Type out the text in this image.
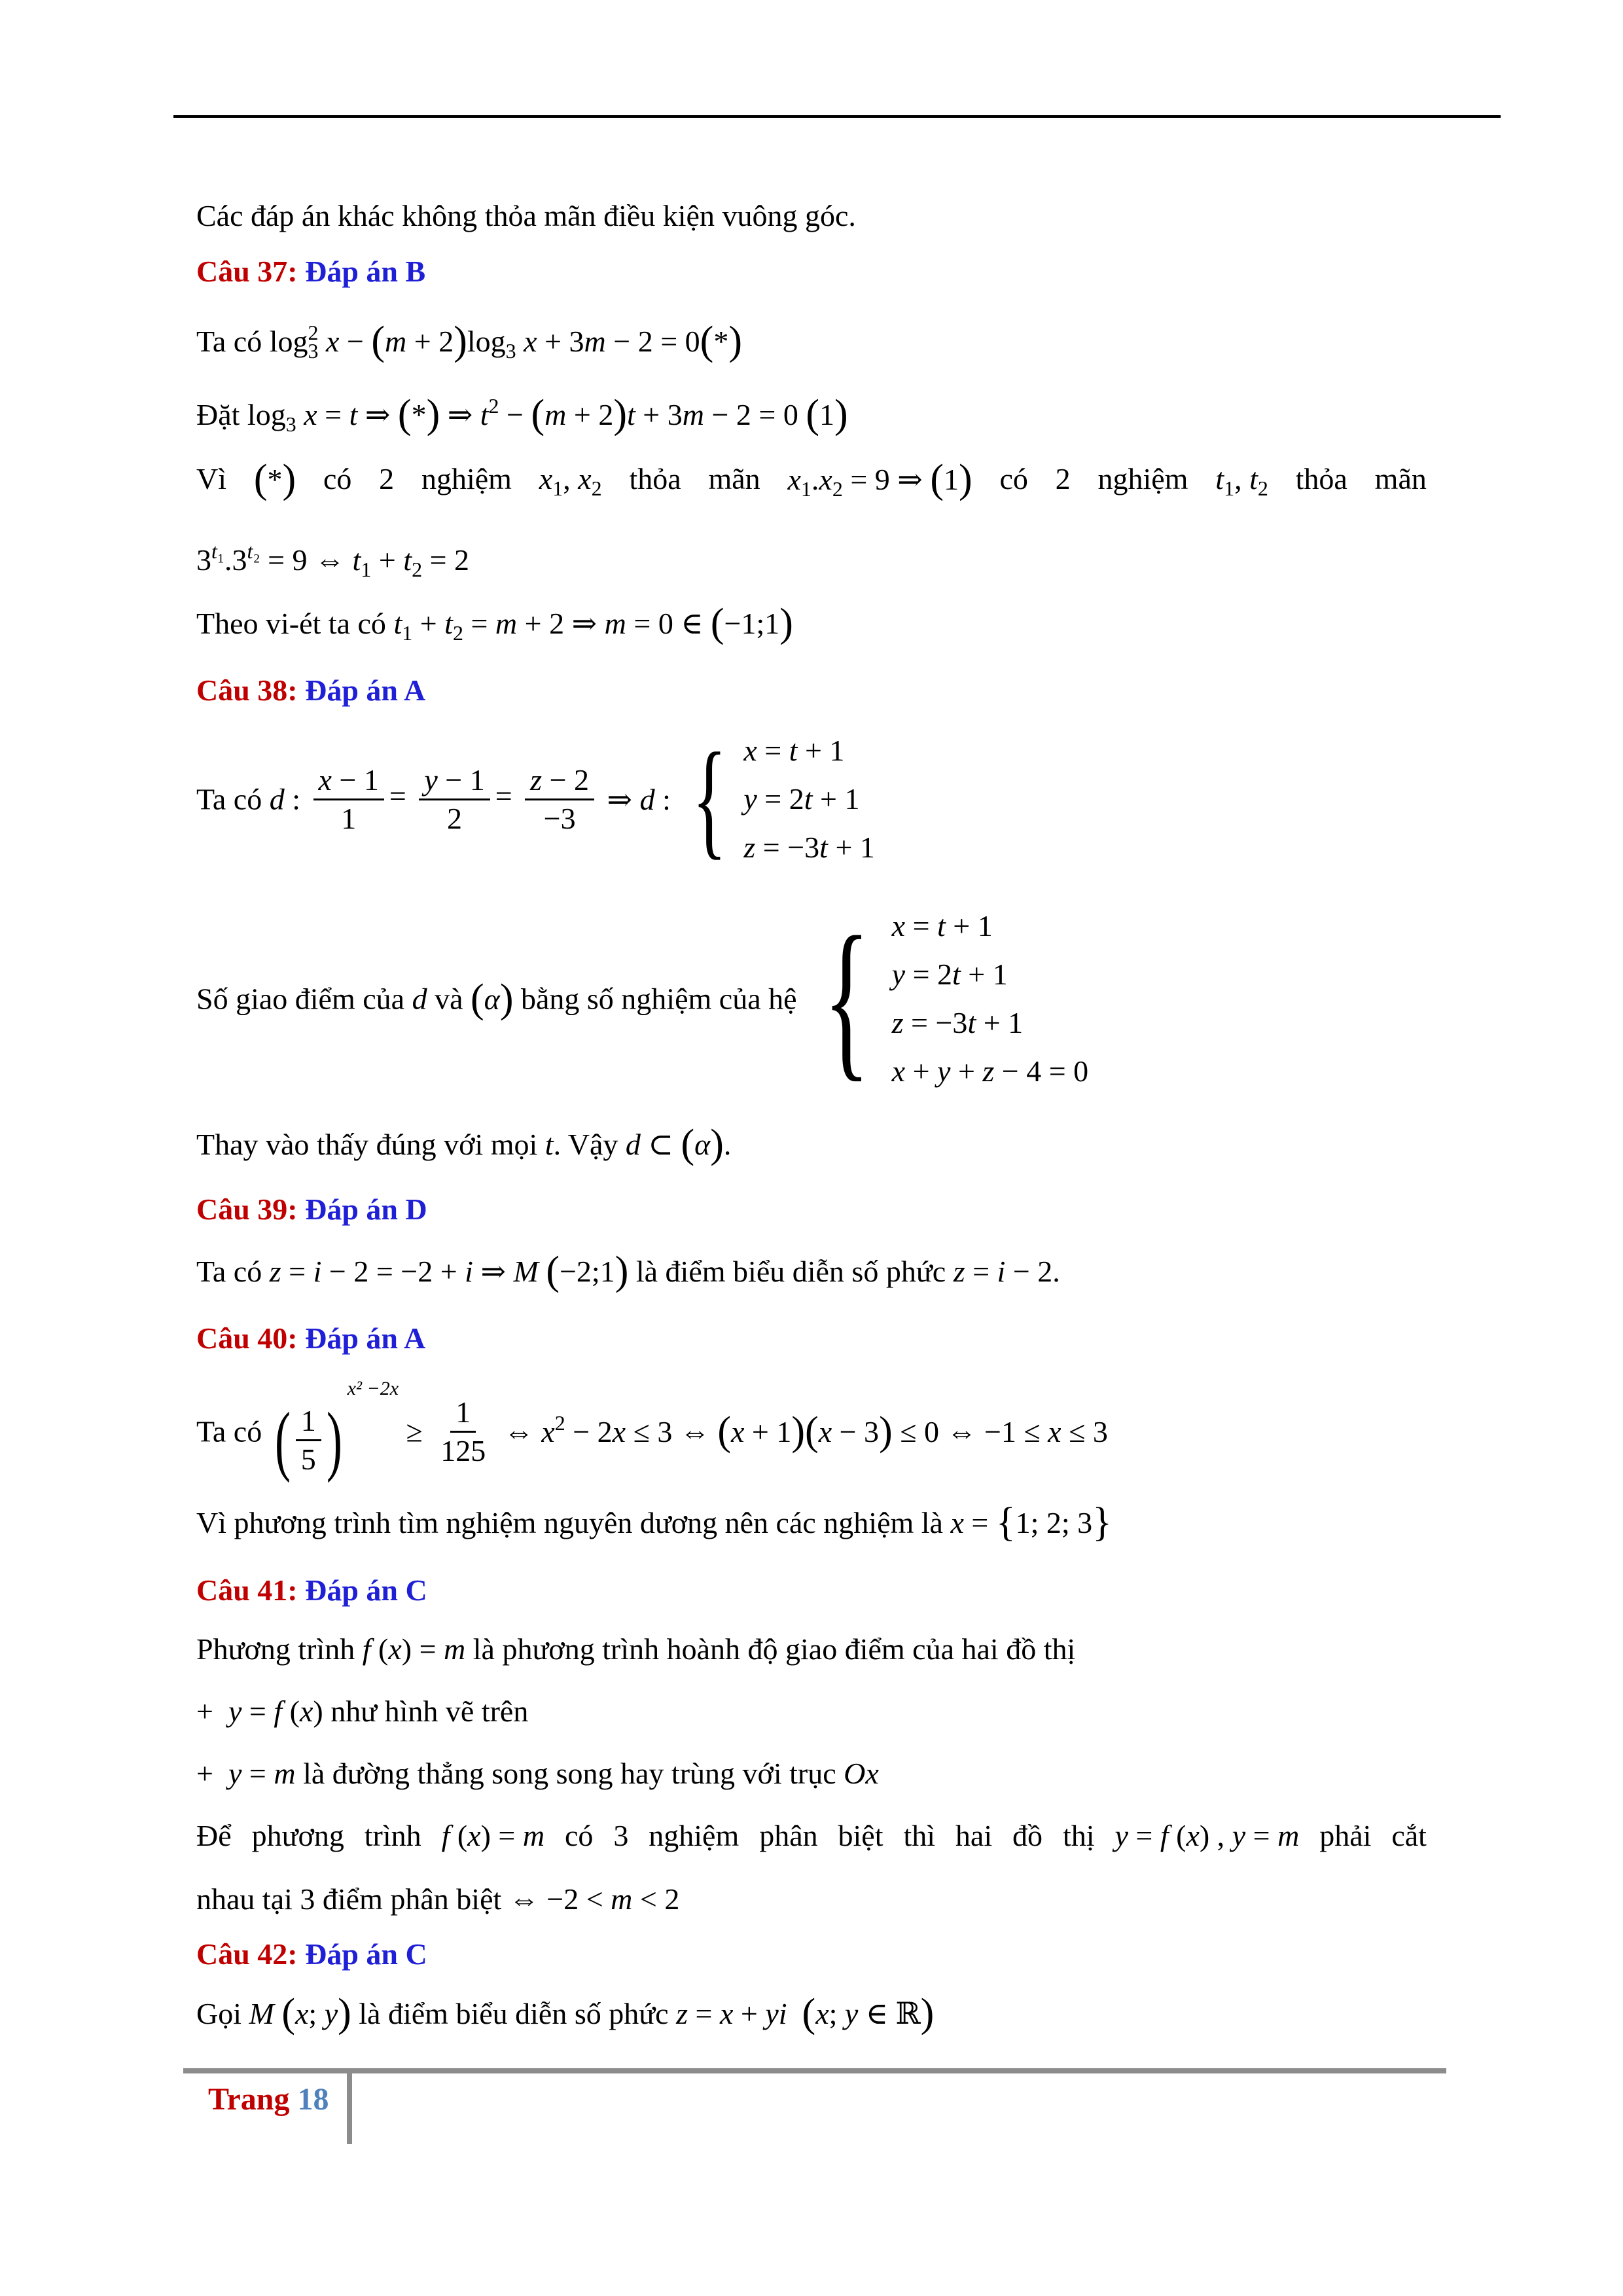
Các đáp án khác không thỏa mãn điều kiện vuông góc.
Câu 37: Đáp án B
Ta có $\log_3^2 x - (m + 2)\log_3$ x + 3m − 2 = 0(*)
Đặt $\log_3 x = t$ ⇒ (*) ⇒ $t^2 - (m + 2)t + 3m - 2 = 0$ (1)
Vì (*) có 2 nghiệm $x_1$, $x_2$ thỏa mãn $x_1.x_2 = 9$ ⇒ (1) có 2 nghiệm $t_1$, $t_2$ thỏa mãn
$3^{t_1}.3^{t_2} = 9$ ⇔ $t_1 + t_2 = 2$
Theo vi-ét ta có $t_1 + t_2 = m + 2$ ⇒ m = 0 ∈ (−1;1)
Câu 38: Đáp án A
Ta có d : $\frac{x - 1}{1} = \frac{y - 1}{2} = \frac{z - 2}{-3}$ ⇒ d : { x = t + 1
y = 2t + 1
z = −3t + 1
Số giao điểm của d và (α) bằng số nghiệm của hệ { x = t + 1
y = 2t + 1
z = −3t + 1
x + y + z − 4 = 0
Thay vào thấy đúng với mọi t. Vậy d ⊂ (α).
Câu 39: Đáp án D
Ta có z = i − 2 = −2 + i ⇒ M (−2;1) là điểm biểu diễn số phức z = i − 2.
Câu 40: Đáp án A
Ta có ( $\frac{1}{5} )^{x^2 -2x} \ge \frac{1}{125}$ ⇔ $x^2 - 2x \le 3$ ⇔ (x + 1)(x − 3) ≤ 0 ⇔ −1 ≤ x ≤ 3
Vì phương trình tìm nghiệm nguyên dương nên các nghiệm là x = {1; 2; 3}
Câu 41: Đáp án C
Phương trình f (x) = m là phương trình hoành độ giao điểm của hai đồ thị
+ y = f (x) như hình vẽ trên
+ y = m là đường thẳng song song hay trùng với trục Ox
Để phương trình f (x) = m có 3 nghiệm phân biệt thì hai đồ thị y = f (x) , y = m phải cắt
nhau tại 3 điểm phân biệt ⇔ −2 < m < 2
Câu 42: Đáp án C
Gọi M (x; y) là điểm biểu diễn số phức z = x + yi (x; y ∈ ℝ)
Trang 18
